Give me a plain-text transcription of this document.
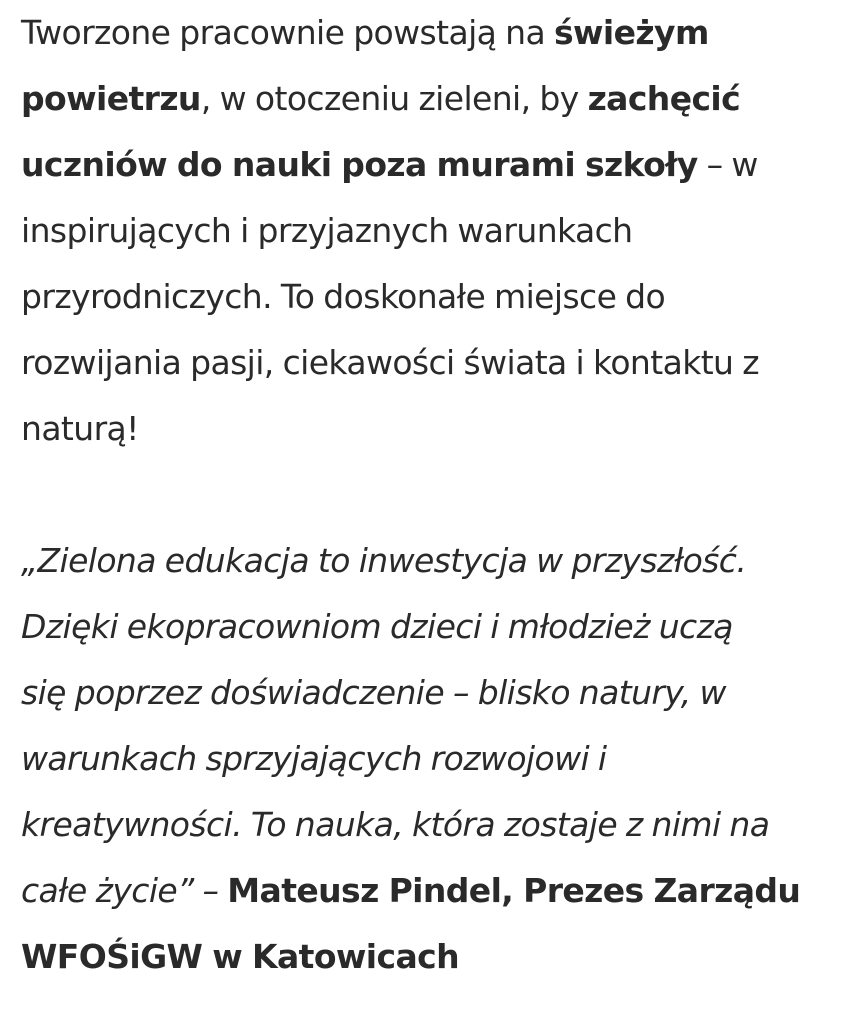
Tworzone pracownie powstają na świeżym
powietrzu, w otoczeniu zieleni, by zachęcić
uczniów do nauki poza murami szkoły – w
inspirujących i przyjaznych warunkach
przyrodniczych. To doskonałe miejsce do
rozwijania pasji, ciekawości świata i kontaktu z
naturą!

„Zielona edukacja to inwestycja w przyszłość.
Dzięki ekopracowniom dzieci i młodzież uczą
się poprzez doświadczenie – blisko natury, w
warunkach sprzyjających rozwojowi i
kreatywności. To nauka, która zostaje z nimi na
całe życie” – Mateusz Pindel, Prezes Zarządu
WFOŚiGW w Katowicach
